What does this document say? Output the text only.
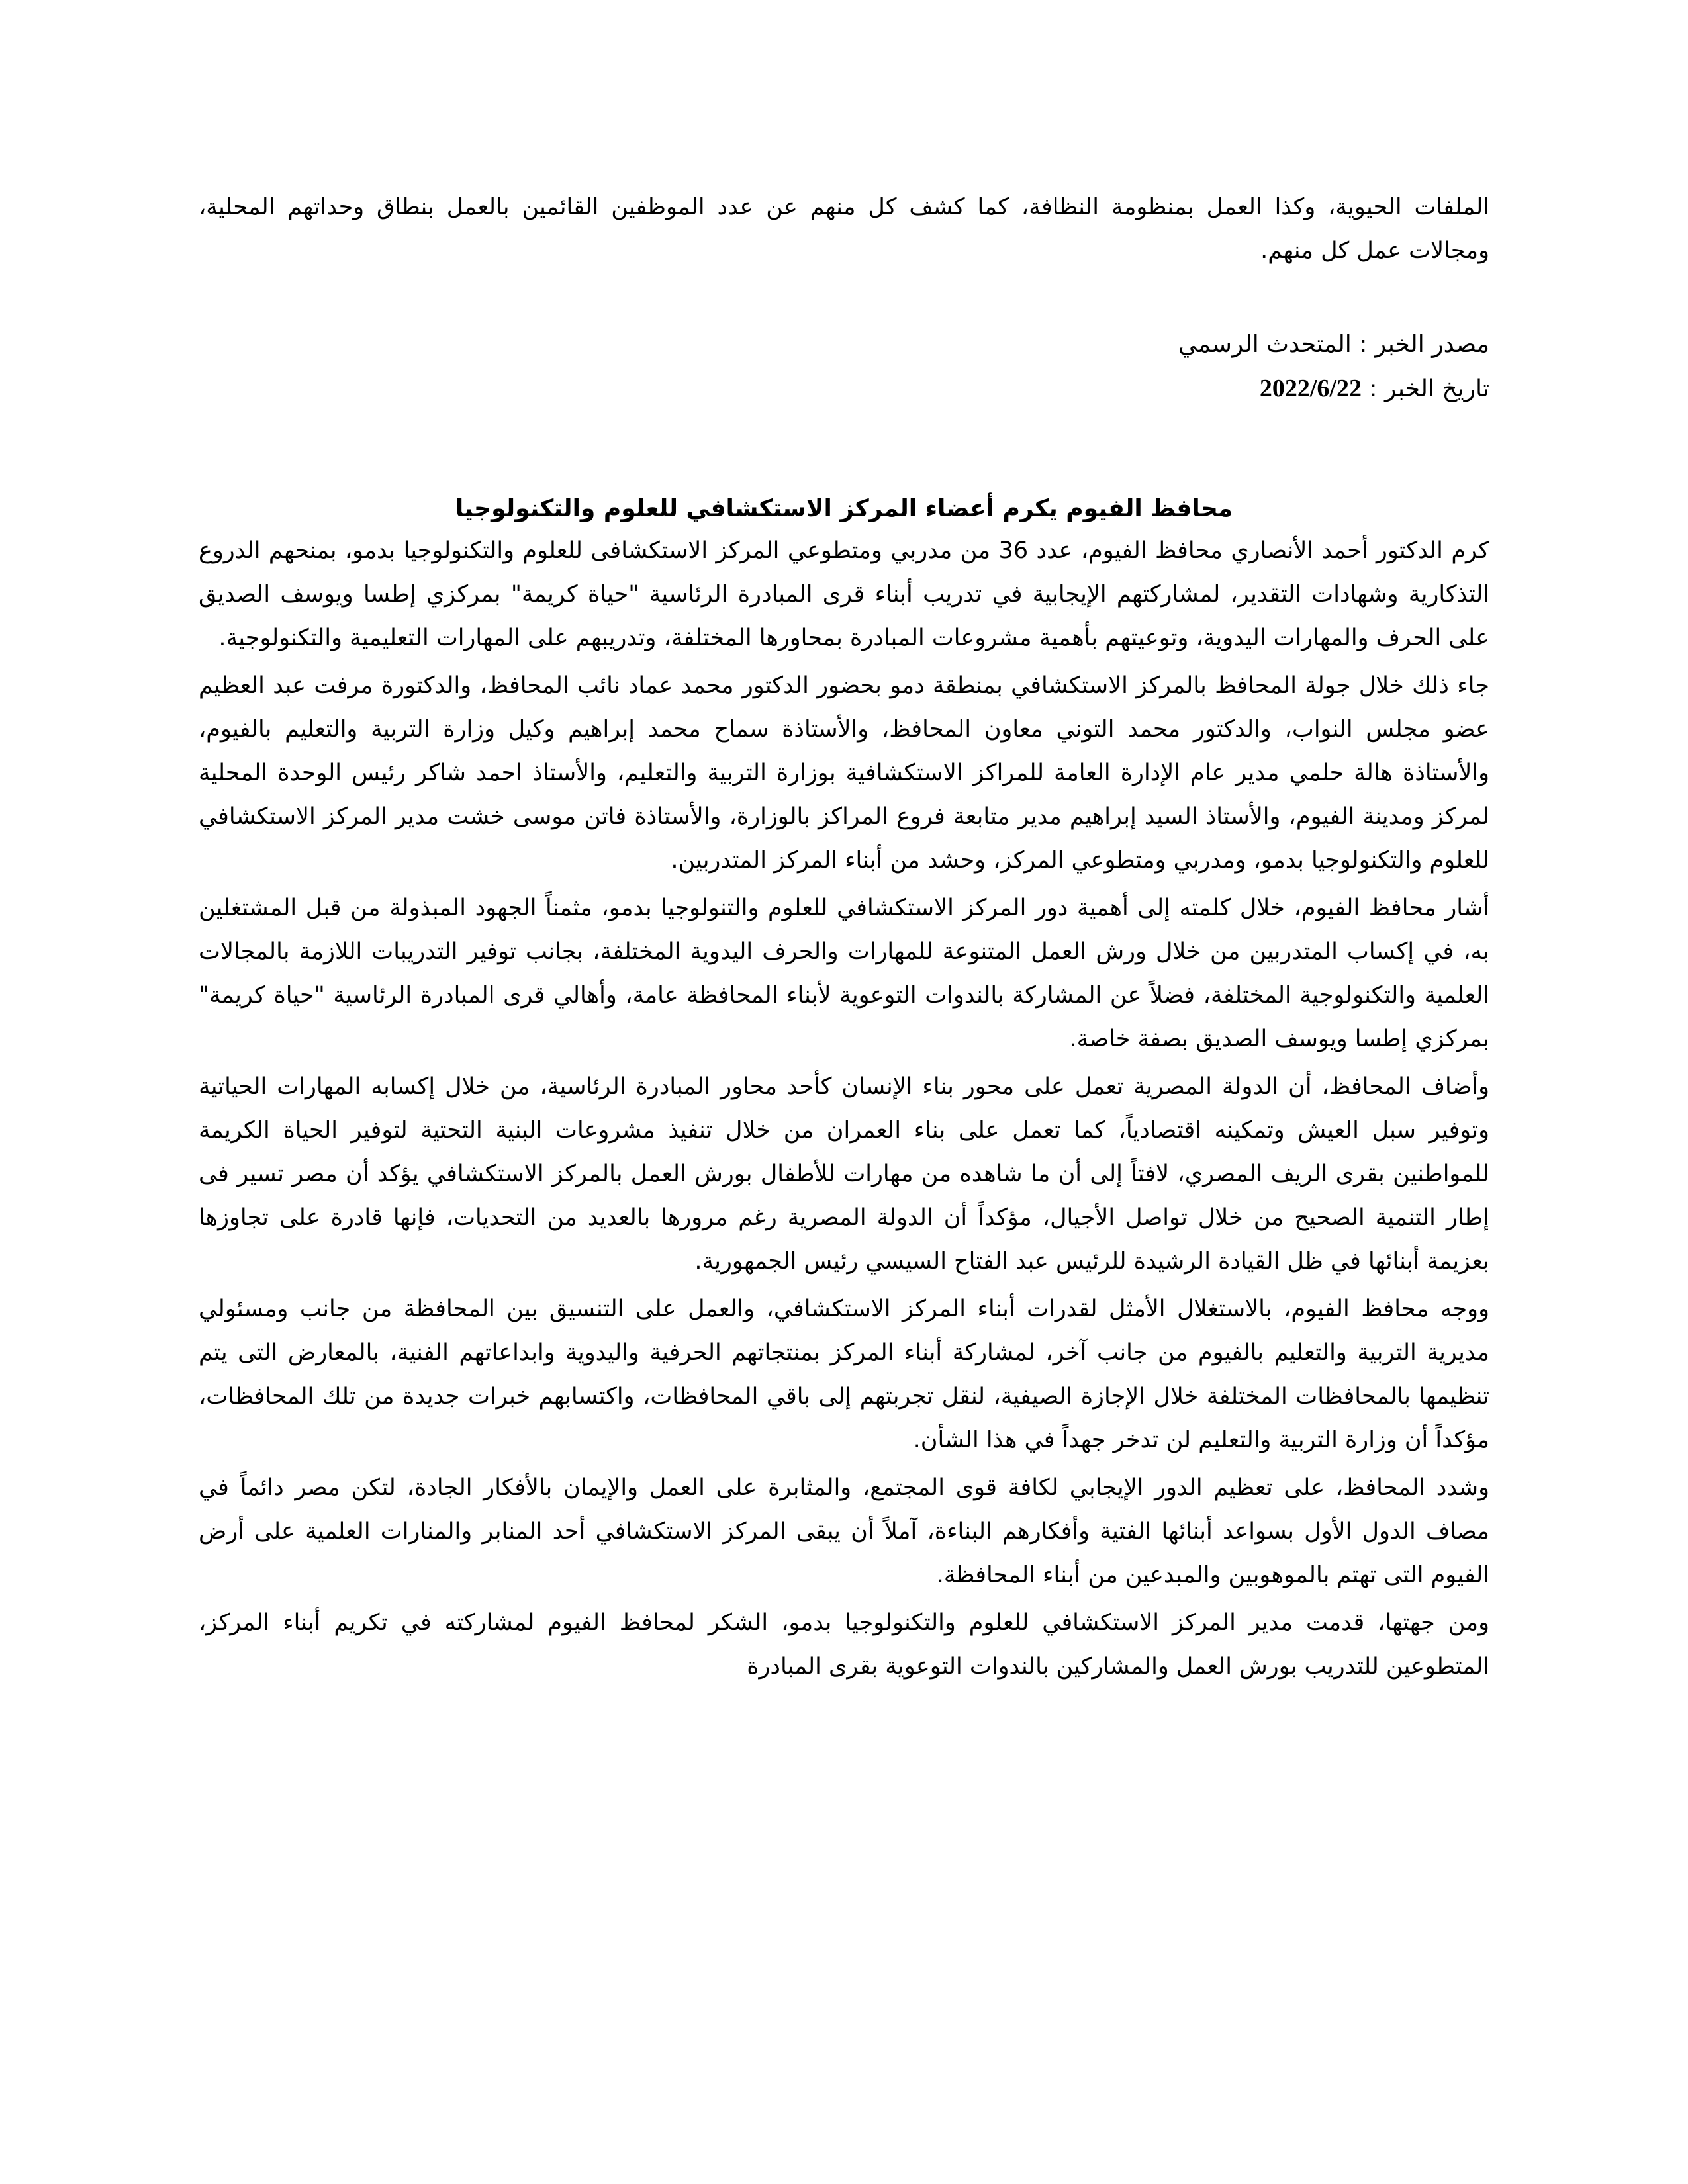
الملفات الحيوية، وكذا العمل بمنظومة النظافة، كما كشف كل منهم عن عدد الموظفين القائمين بالعمل بنطاق وحداتهم المحلية، ومجالات عمل كل منهم.

مصدر الخبر : المتحدث الرسمي

تاريخ الخبر : 2022/6/22

محافظ الفيوم يكرم أعضاء المركز الاستكشافي للعلوم والتكنولوجيا

كرم الدكتور أحمد الأنصاري محافظ الفيوم، عدد 36 من مدربي ومتطوعي المركز الاستكشافى للعلوم والتكنولوجيا بدمو، بمنحهم الدروع التذكارية وشهادات التقدير، لمشاركتهم الإيجابية في تدريب أبناء قرى المبادرة الرئاسية "حياة كريمة" بمركزي إطسا ويوسف الصديق على الحرف والمهارات اليدوية، وتوعيتهم بأهمية مشروعات المبادرة بمحاورها المختلفة، وتدريبهم على المهارات التعليمية والتكنولوجية.

جاء ذلك خلال جولة المحافظ بالمركز الاستكشافي بمنطقة دمو بحضور الدكتور محمد عماد نائب المحافظ، والدكتورة مرفت عبد العظيم عضو مجلس النواب، والدكتور محمد التوني معاون المحافظ، والأستاذة سماح محمد إبراهيم وكيل وزارة التربية والتعليم بالفيوم، والأستاذة هالة حلمي مدير عام الإدارة العامة للمراكز الاستكشافية بوزارة التربية والتعليم، والأستاذ احمد شاكر رئيس الوحدة المحلية لمركز ومدينة الفيوم، والأستاذ السيد إبراهيم مدير متابعة فروع المراكز بالوزارة، والأستاذة فاتن موسى خشت مدير المركز الاستكشافي للعلوم والتكنولوجيا بدمو، ومدربي ومتطوعي المركز، وحشد من أبناء المركز المتدربين.

أشار محافظ الفيوم، خلال كلمته إلى أهمية دور المركز الاستكشافي للعلوم والتنولوجيا بدمو، مثمناً الجهود المبذولة من قبل المشتغلين به، في إكساب المتدربين من خلال ورش العمل المتنوعة للمهارات والحرف اليدوية المختلفة، بجانب توفير التدريبات اللازمة بالمجالات العلمية والتكنولوجية المختلفة، فضلاً عن المشاركة بالندوات التوعوية لأبناء المحافظة عامة، وأهالي قرى المبادرة الرئاسية "حياة كريمة" بمركزي إطسا ويوسف الصديق بصفة خاصة.

وأضاف المحافظ، أن الدولة المصرية تعمل على محور بناء الإنسان كأحد محاور المبادرة الرئاسية، من خلال إكسابه المهارات الحياتية وتوفير سبل العيش وتمكينه اقتصادياً، كما تعمل على بناء العمران من خلال تنفيذ مشروعات البنية التحتية لتوفير الحياة الكريمة للمواطنين بقرى الريف المصري، لافتاً إلى أن ما شاهده من مهارات للأطفال بورش العمل بالمركز الاستكشافي يؤكد أن مصر تسير فى إطار التنمية الصحيح من خلال تواصل الأجيال، مؤكداً أن الدولة المصرية رغم مرورها بالعديد من التحديات، فإنها قادرة على تجاوزها بعزيمة أبنائها في ظل القيادة الرشيدة للرئيس عبد الفتاح السيسي رئيس الجمهورية.

ووجه محافظ الفيوم، بالاستغلال الأمثل لقدرات أبناء المركز الاستكشافي، والعمل على التنسيق بين المحافظة من جانب ومسئولي مديرية التربية والتعليم بالفيوم من جانب آخر، لمشاركة أبناء المركز بمنتجاتهم الحرفية واليدوية وابداعاتهم الفنية، بالمعارض التى يتم تنظيمها بالمحافظات المختلفة خلال الإجازة الصيفية، لنقل تجربتهم إلى باقي المحافظات، واكتسابهم خبرات جديدة من تلك المحافظات، مؤكداً أن وزارة التربية والتعليم لن تدخر جهداً في هذا الشأن.

وشدد المحافظ، على تعظيم الدور الإيجابي لكافة قوى المجتمع، والمثابرة على العمل والإيمان بالأفكار الجادة، لتكن مصر دائماً في مصاف الدول الأول بسواعد أبنائها الفتية وأفكارهم البناءة، آملاً أن يبقى المركز الاستكشافي أحد المنابر والمنارات العلمية على أرض الفيوم التى تهتم بالموهوبين والمبدعين من أبناء المحافظة.

ومن جهتها، قدمت مدير المركز الاستكشافي للعلوم والتكنولوجيا بدمو، الشكر لمحافظ الفيوم لمشاركته في تكريم أبناء المركز، المتطوعين للتدريب بورش العمل والمشاركين بالندوات التوعوية بقرى المبادرة
